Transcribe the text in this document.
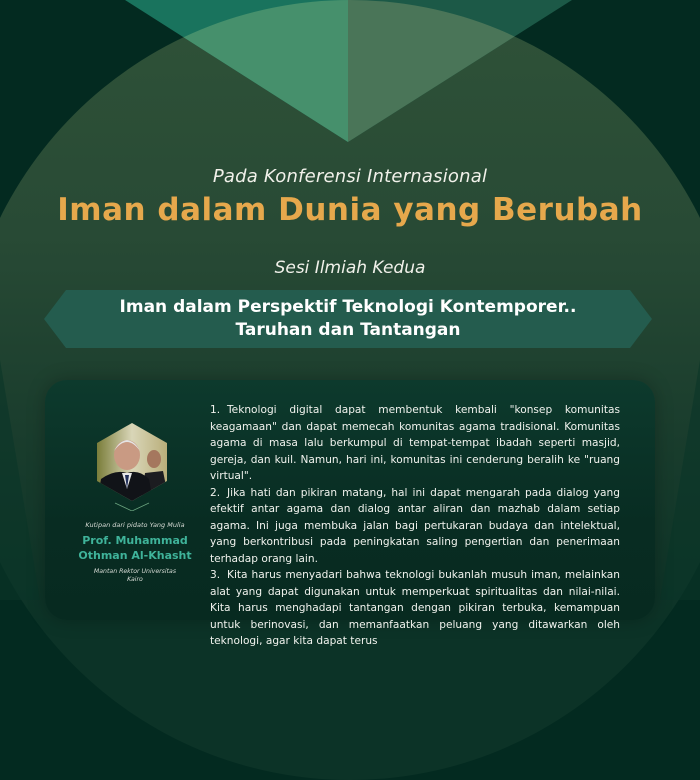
Pada Konferensi Internasional
Iman dalam Dunia yang Berubah
Sesi Ilmiah Kedua
Iman dalam Perspektif Teknologi Kontemporer..
Taruhan dan Tantangan
Kutipan dari pidato Yang Mulia
Prof. Muhammad
Othman Al-Khasht
Mantan Rektor Universitas
Kairo

1. Teknologi digital dapat membentuk kembali "konsep komunitas keagamaan" dan dapat memecah komunitas agama tradisional. Komunitas agama di masa lalu berkumpul di tempat-tempat ibadah seperti masjid, gereja, dan kuil. Namun, hari ini, komunitas ini cenderung beralih ke "ruang virtual".

2. Jika hati dan pikiran matang, hal ini dapat mengarah pada dialog yang efektif antar agama dan dialog antar aliran dan mazhab dalam setiap agama. Ini juga membuka jalan bagi pertukaran budaya dan intelektual, yang berkontribusi pada peningkatan saling pengertian dan penerimaan terhadap orang lain.

3. Kita harus menyadari bahwa teknologi bukanlah musuh iman, melainkan alat yang dapat digunakan untuk memperkuat spiritualitas dan nilai-nilai. Kita harus menghadapi tantangan dengan pikiran terbuka, kemampuan untuk berinovasi, dan memanfaatkan peluang yang ditawarkan oleh teknologi, agar kita dapat terus
